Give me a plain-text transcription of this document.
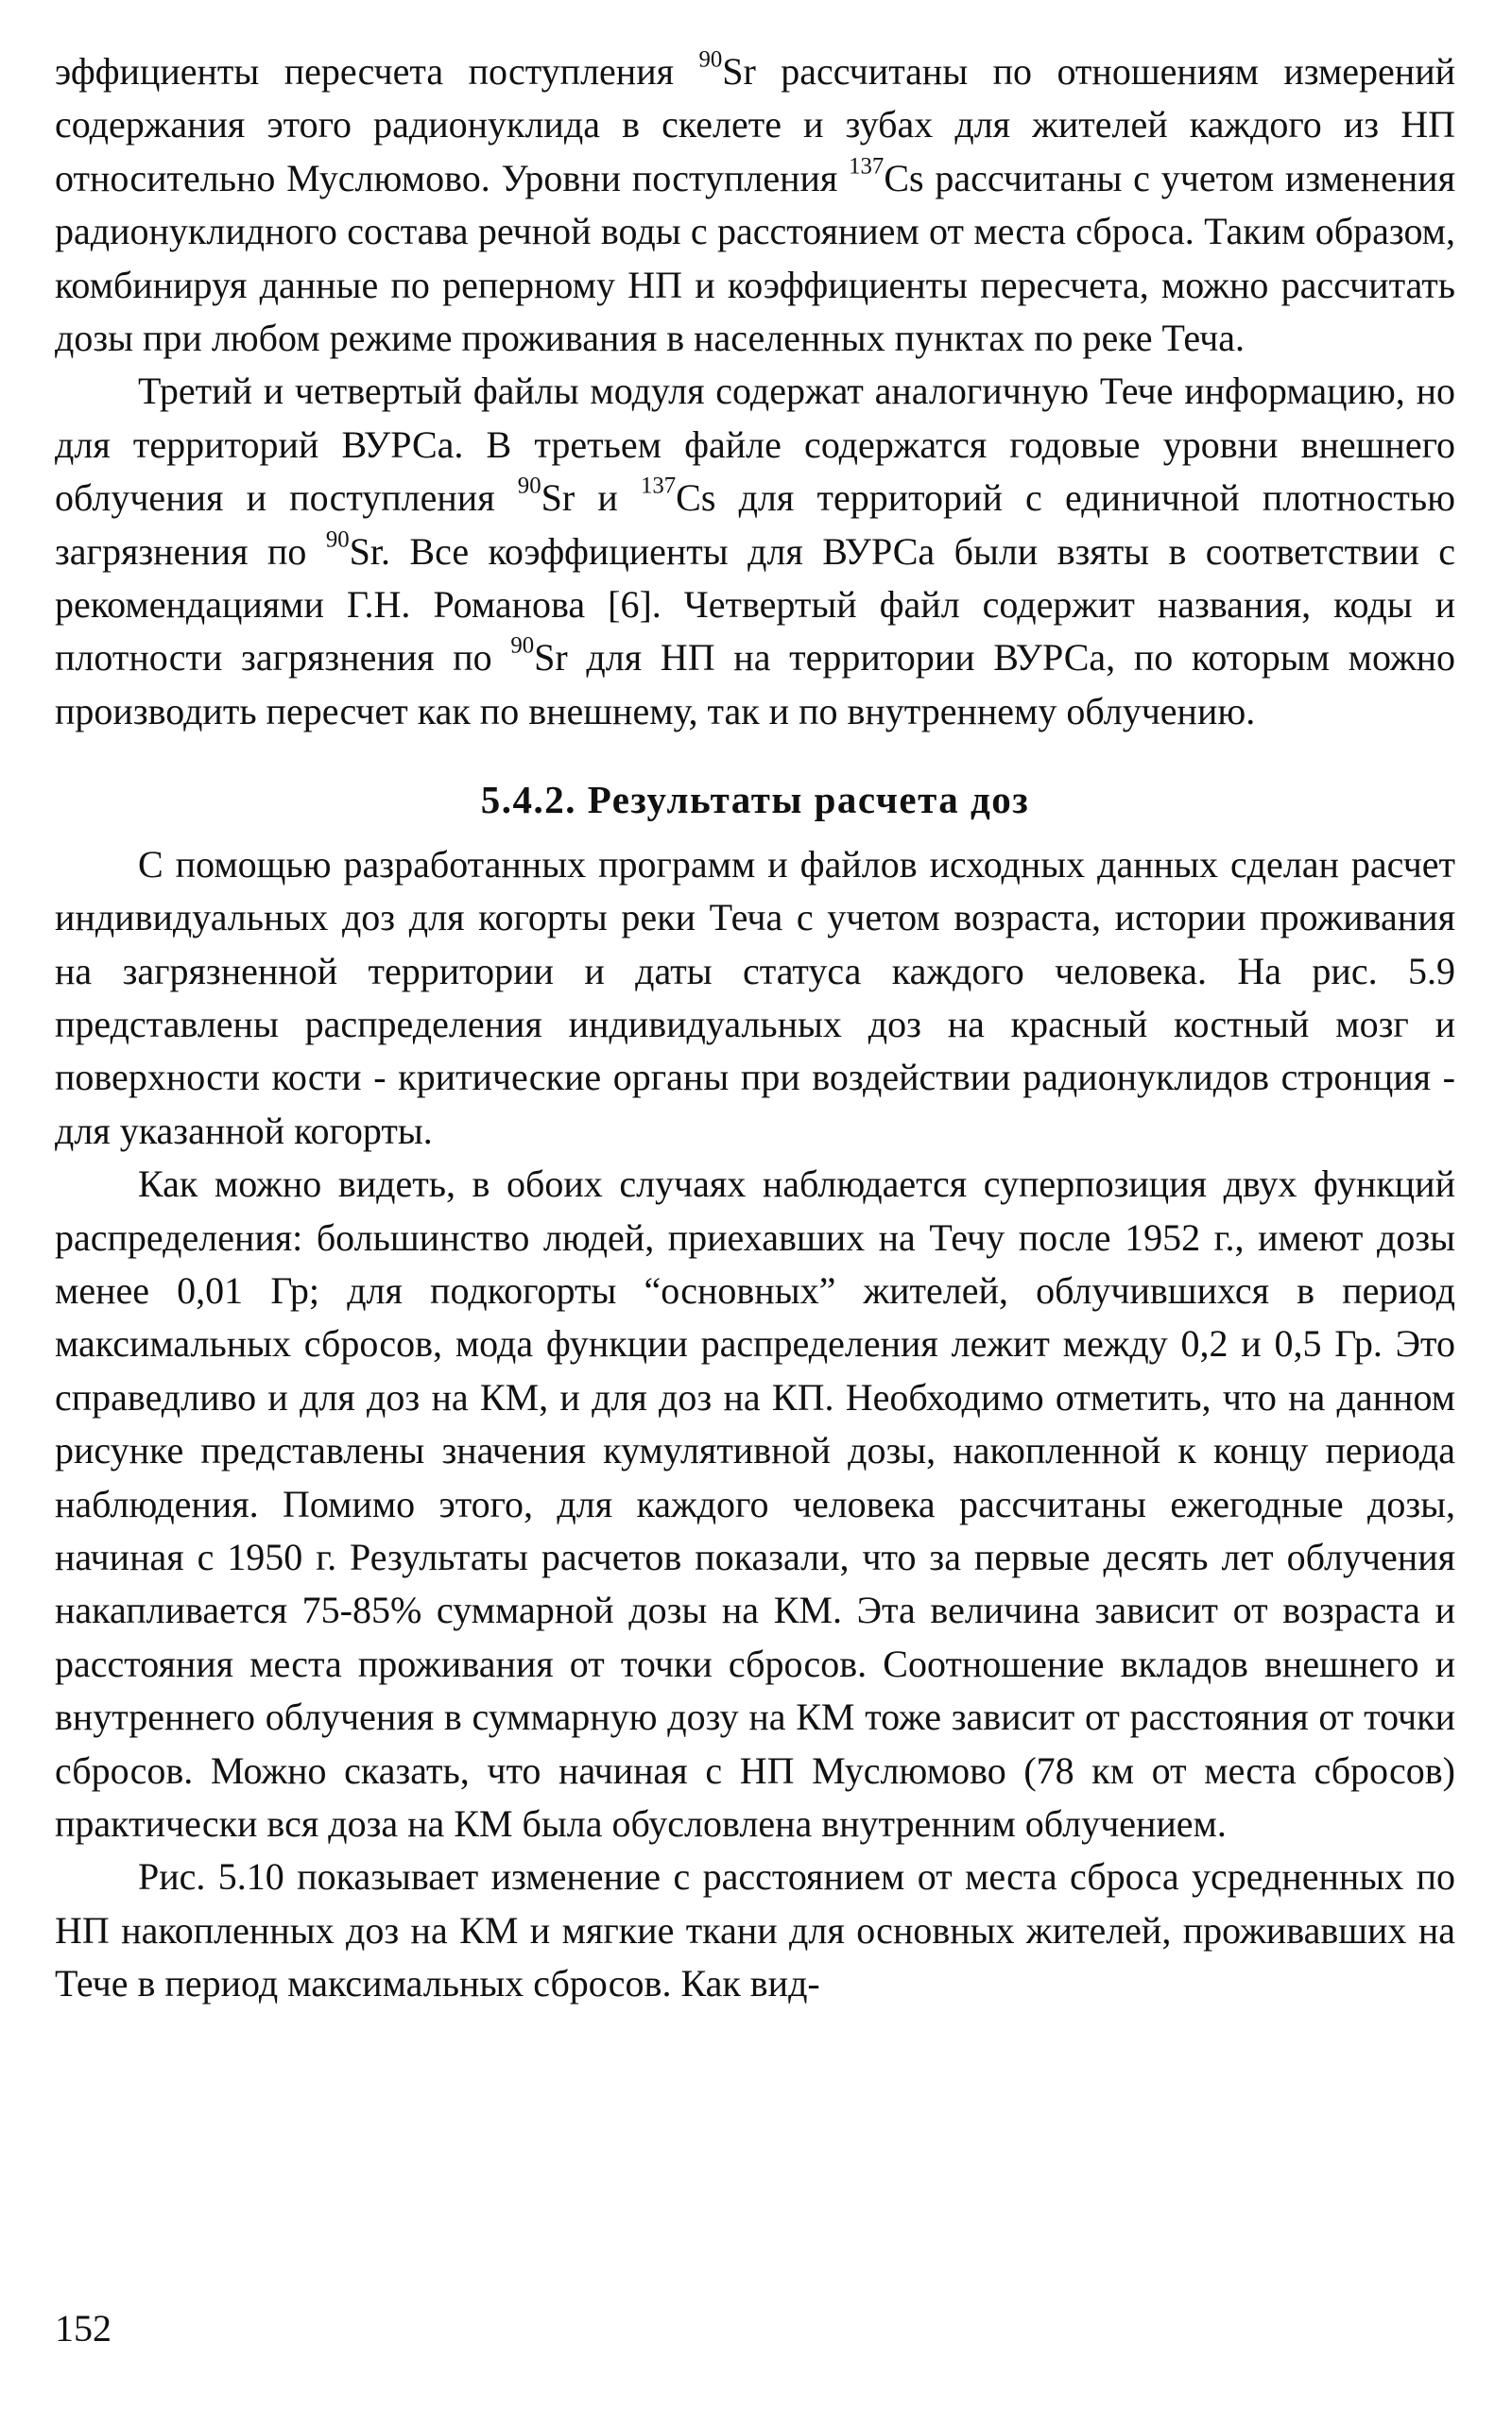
эффициенты пересчета поступления $^{90}$Sr рассчитаны по отношениям измерений содержания этого радионуклида в скелете и зубах для жителей каждого из НП относительно Муслюмово. Уровни поступления $^{137}$Cs рассчитаны с учетом изменения радионуклидного состава речной воды с расстоянием от места сброса. Таким образом, комбинируя данные по реперному НП и коэффициенты пересчета, можно рассчитать дозы при любом режиме проживания в населенных пунктах по реке Теча.

Третий и четвертый файлы модуля содержат аналогичную Тече информацию, но для территорий ВУРСа. В третьем файле содержатся годовые уровни внешнего облучения и поступления $^{90}$Sr и $^{137}$Cs для территорий с единичной плотностью загрязнения по $^{90}$Sr. Все коэффициенты для ВУРСа были взяты в соответствии с рекомендациями Г.Н. Романова [6]. Четвертый файл содержит названия, коды и плотности загрязнения по $^{90}$Sr для НП на территории ВУРСа, по которым можно производить пересчет как по внешнему, так и по внутреннему облучению.

5.4.2. Результаты расчета доз

С помощью разработанных программ и файлов исходных данных сделан расчет индивидуальных доз для когорты реки Теча с учетом возраста, истории проживания на загрязненной территории и даты статуса каждого человека. На рис. 5.9 представлены распределения индивидуальных доз на красный костный мозг и поверхности кости - критические органы при воздействии радионуклидов стронция - для указанной когорты.

Как можно видеть, в обоих случаях наблюдается суперпозиция двух функций распределения: большинство людей, приехавших на Течу после 1952 г., имеют дозы менее 0,01 Гр; для подкогорты “основных” жителей, облучившихся в период максимальных сбросов, мода функции распределения лежит между 0,2 и 0,5 Гр. Это справедливо и для доз на КМ, и для доз на КП. Необходимо отметить, что на данном рисунке представлены значения кумулятивной дозы, накопленной к концу периода наблюдения. Помимо этого, для каждого человека рассчитаны ежегодные дозы, начиная с 1950 г. Результаты расчетов показали, что за первые десять лет облучения накапливается 75-85% суммарной дозы на КМ. Эта величина зависит от возраста и расстояния места проживания от точки сбросов. Соотношение вкладов внешнего и внутреннего облучения в суммарную дозу на КМ тоже зависит от расстояния от точки сбросов. Можно сказать, что начиная с НП Муслюмово (78 км от места сбросов) практически вся доза на КМ была обусловлена внутренним облучением.

Рис. 5.10 показывает изменение с расстоянием от места сброса усредненных по НП накопленных доз на КМ и мягкие ткани для основных жителей, проживавших на Тече в период максимальных сбросов. Как вид-

152
